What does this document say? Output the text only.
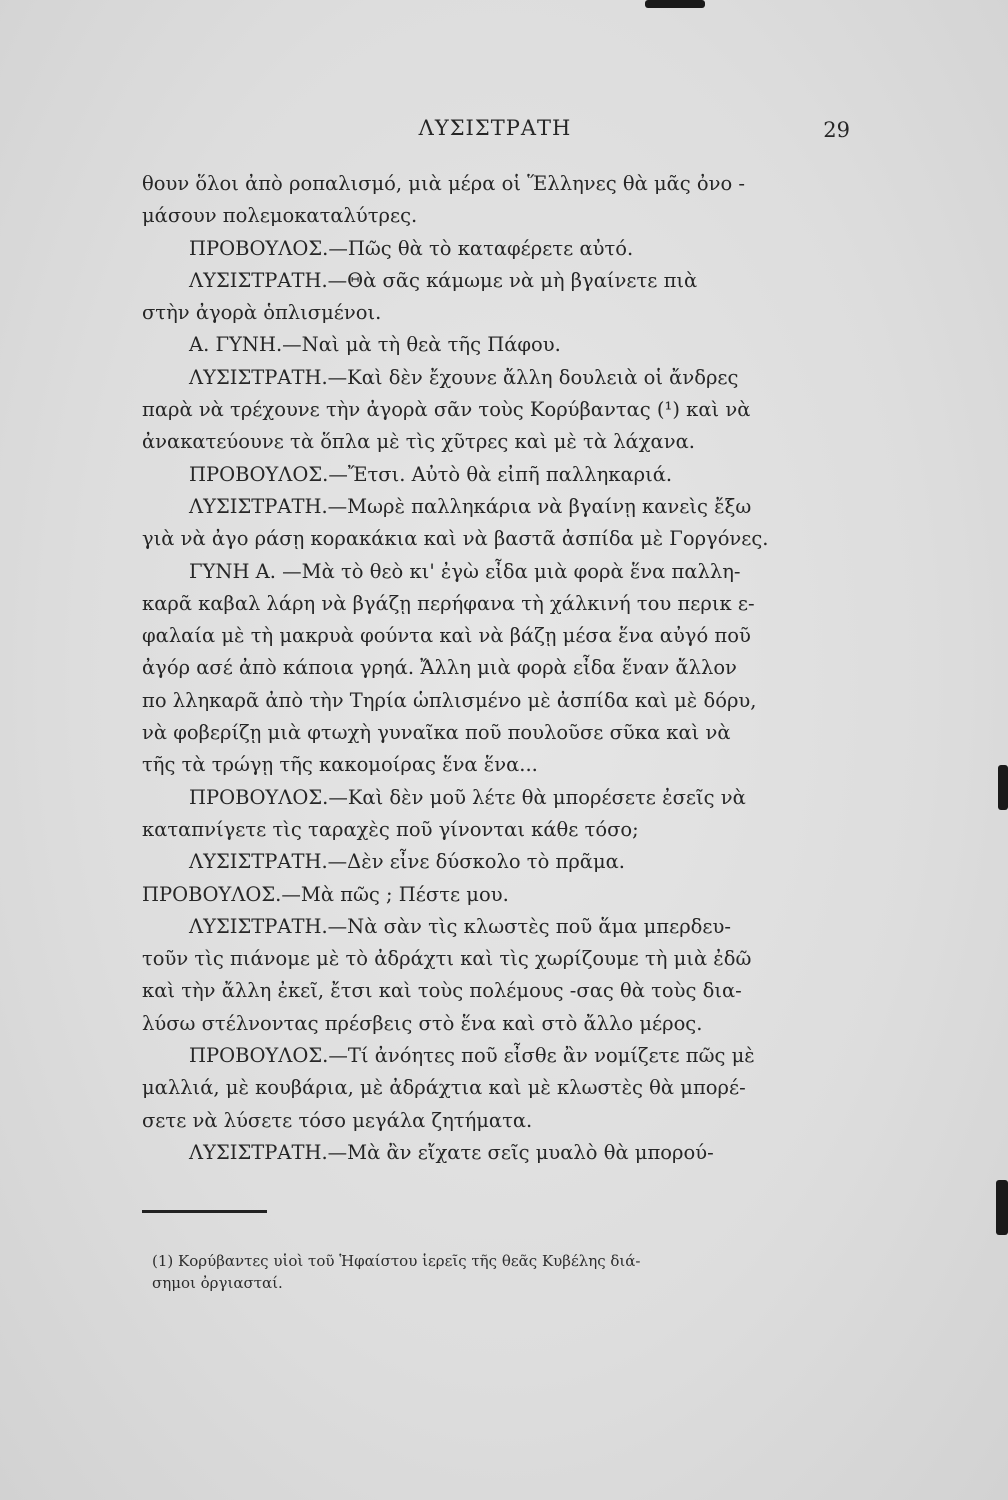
ΛΥΣΙΣΤΡΑΤΗ	29
θουν ὅλοι ἀπὸ ροπαλισμό, μιὰ μέρα οἱ Ἕλληνες θὰ μᾶς ὀνο -
μάσουν πολεμοκαταλύτρες.
ΠΡΟΒΟΥΛΟΣ.—Πῶς θὰ τὸ καταφέρετε αὐτό.
ΛΥΣΙΣΤΡΑΤΗ.—Θὰ σᾶς κάμωμε νὰ μὴ βγαίνετε πιὰ
στὴν ἀγορὰ ὁπλισμένοι.
Α. ΓΥΝΗ.—Ναὶ μὰ τὴ θεὰ τῆς Πάφου.
ΛΥΣΙΣΤΡΑΤΗ.—Καὶ δὲν ἔχουνε ἄλλη δουλειὰ οἱ ἄνδρες
παρὰ νὰ τρέχουνε τὴν ἀγορὰ σᾶν τοὺς Κορύβαντας (¹) καὶ νὰ
ἀνακατεύουνε τὰ ὅπλα μὲ τὶς χῦτρες καὶ μὲ τὰ λάχανα.
ΠΡΟΒΟΥΛΟΣ.—Ἔτσι. Αὐτὸ θὰ εἰπῆ παλληκαριά.
ΛΥΣΙΣΤΡΑΤΗ.—Μωρὲ παλληκάρια νὰ βγαίνῃ κανεὶς ἔξω
γιὰ νὰ ἀγο ράσῃ κορακάκια καὶ νὰ βαστᾶ ἀσπίδα μὲ Γοργόνες.
ΓΥΝΗ Α. —Μὰ τὸ θεὸ κι' ἐγὼ εἶδα μιὰ φορὰ ἕνα παλλη-
καρᾶ καβαλ λάρη νὰ βγάζῃ περήφανα τὴ χάλκινή του περικ ε-
φαλαία μὲ τὴ μακρυὰ φούντα καὶ νὰ βάζῃ μέσα ἕνα αὐγό ποῦ
ἀγόρ ασέ ἀπὸ κάποια γρηά. Ἄλλη μιὰ φορὰ εἶδα ἕναν ἄλλον
πο λληκαρᾶ ἀπὸ τὴν Τηρία ὡπλισμένο μὲ ἀσπίδα καὶ μὲ δόρυ,
νὰ φοβερίζῃ μιὰ φτωχὴ γυναῖκα ποῦ πουλοῦσε σῦκα καὶ νὰ
τῆς τὰ τρώγῃ τῆς κακομοίρας ἕνα ἕνα...
ΠΡΟΒΟΥΛΟΣ.—Καὶ δὲν μοῦ λέτε θὰ μπορέσετε ἐσεῖς νὰ
καταπνίγετε τὶς ταραχὲς ποῦ γίνονται κάθε τόσο;
ΛΥΣΙΣΤΡΑΤΗ.—Δὲν εἶνε δύσκολο τὸ πρᾶμα.
ΠΡΟΒΟΥΛΟΣ.—Μὰ πῶς ; Πέστε μου.
ΛΥΣΙΣΤΡΑΤΗ.—Νὰ σὰν τὶς κλωστὲς ποῦ ἅμα μπερδευ-
τοῦν τὶς πιάνομε μὲ τὸ ἀδράχτι καὶ τὶς χωρίζουμε τὴ μιὰ ἐδῶ
καὶ τὴν ἄλλη ἐκεῖ, ἔτσι καὶ τοὺς πολέμους -σας θὰ τοὺς δια-
λύσω στέλνοντας πρέσβεις στὸ ἕνα καὶ στὸ ἄλλο μέρος.
ΠΡΟΒΟΥΛΟΣ.—Τί ἀνόητες ποῦ εἶσθε ἂν νομίζετε πῶς μὲ
μαλλιά, μὲ κουβάρια, μὲ ἀδράχτια καὶ μὲ κλωστὲς θὰ μπορέ-
σετε νὰ λύσετε τόσο μεγάλα ζητήματα.
ΛΥΣΙΣΤΡΑΤΗ.—Μὰ ἂν εἴχατε σεῖς μυαλὸ θὰ μπορού-
(1) Κορύβαντες υἱοὶ τοῦ Ἡφαίστου ἱερεῖς τῆς θεᾶς Κυβέλης διά-
σημοι ὀργιασταί.
